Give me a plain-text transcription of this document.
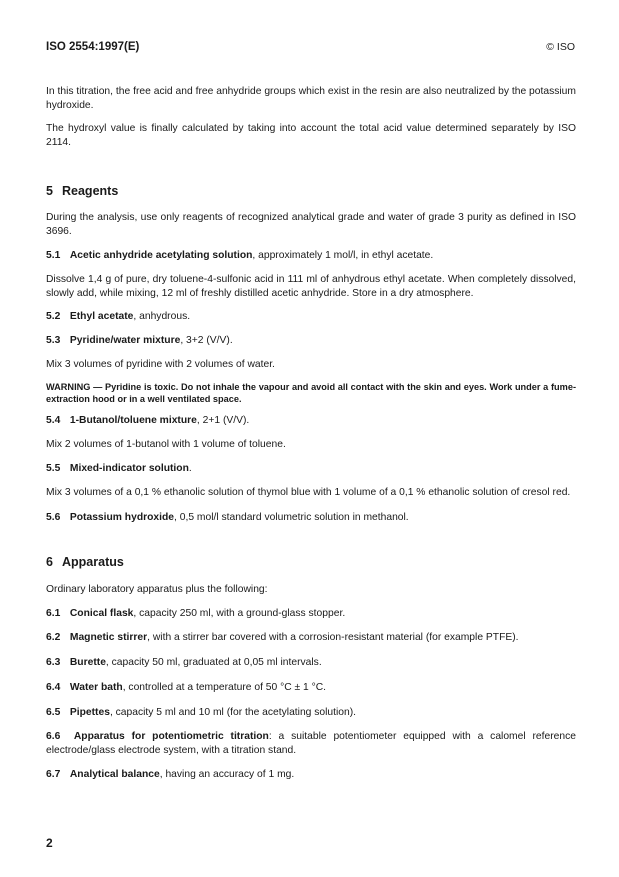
ISO 2554:1997(E)	© ISO

In this titration, the free acid and free anhydride groups which exist in the resin are also neutralized by the potassium hydroxide.

The hydroxyl value is finally calculated by taking into account the total acid value determined separately by ISO 2114.

5 Reagents

During the analysis, use only reagents of recognized analytical grade and water of grade 3 purity as defined in ISO 3696.

5.1 Acetic anhydride acetylating solution, approximately 1 mol/l, in ethyl acetate.

Dissolve 1,4 g of pure, dry toluene-4-sulfonic acid in 111 ml of anhydrous ethyl acetate. When completely dissolved, slowly add, while mixing, 12 ml of freshly distilled acetic anhydride. Store in a dry atmosphere.

5.2 Ethyl acetate, anhydrous.

5.3 Pyridine/water mixture, 3+2 (V/V).

Mix 3 volumes of pyridine with 2 volumes of water.

WARNING — Pyridine is toxic. Do not inhale the vapour and avoid all contact with the skin and eyes. Work under a fume-extraction hood or in a well ventilated space.

5.4 1-Butanol/toluene mixture, 2+1 (V/V).

Mix 2 volumes of 1-butanol with 1 volume of toluene.

5.5 Mixed-indicator solution.

Mix 3 volumes of a 0,1 % ethanolic solution of thymol blue with 1 volume of a 0,1 % ethanolic solution of cresol red.

5.6 Potassium hydroxide, 0,5 mol/l standard volumetric solution in methanol.

6 Apparatus

Ordinary laboratory apparatus plus the following:

6.1 Conical flask, capacity 250 ml, with a ground-glass stopper.

6.2 Magnetic stirrer, with a stirrer bar covered with a corrosion-resistant material (for example PTFE).

6.3 Burette, capacity 50 ml, graduated at 0,05 ml intervals.

6.4 Water bath, controlled at a temperature of 50 °C ± 1 °C.

6.5 Pipettes, capacity 5 ml and 10 ml (for the acetylating solution).

6.6 Apparatus for potentiometric titration: a suitable potentiometer equipped with a calomel reference electrode/glass electrode system, with a titration stand.

6.7 Analytical balance, having an accuracy of 1 mg.

2
